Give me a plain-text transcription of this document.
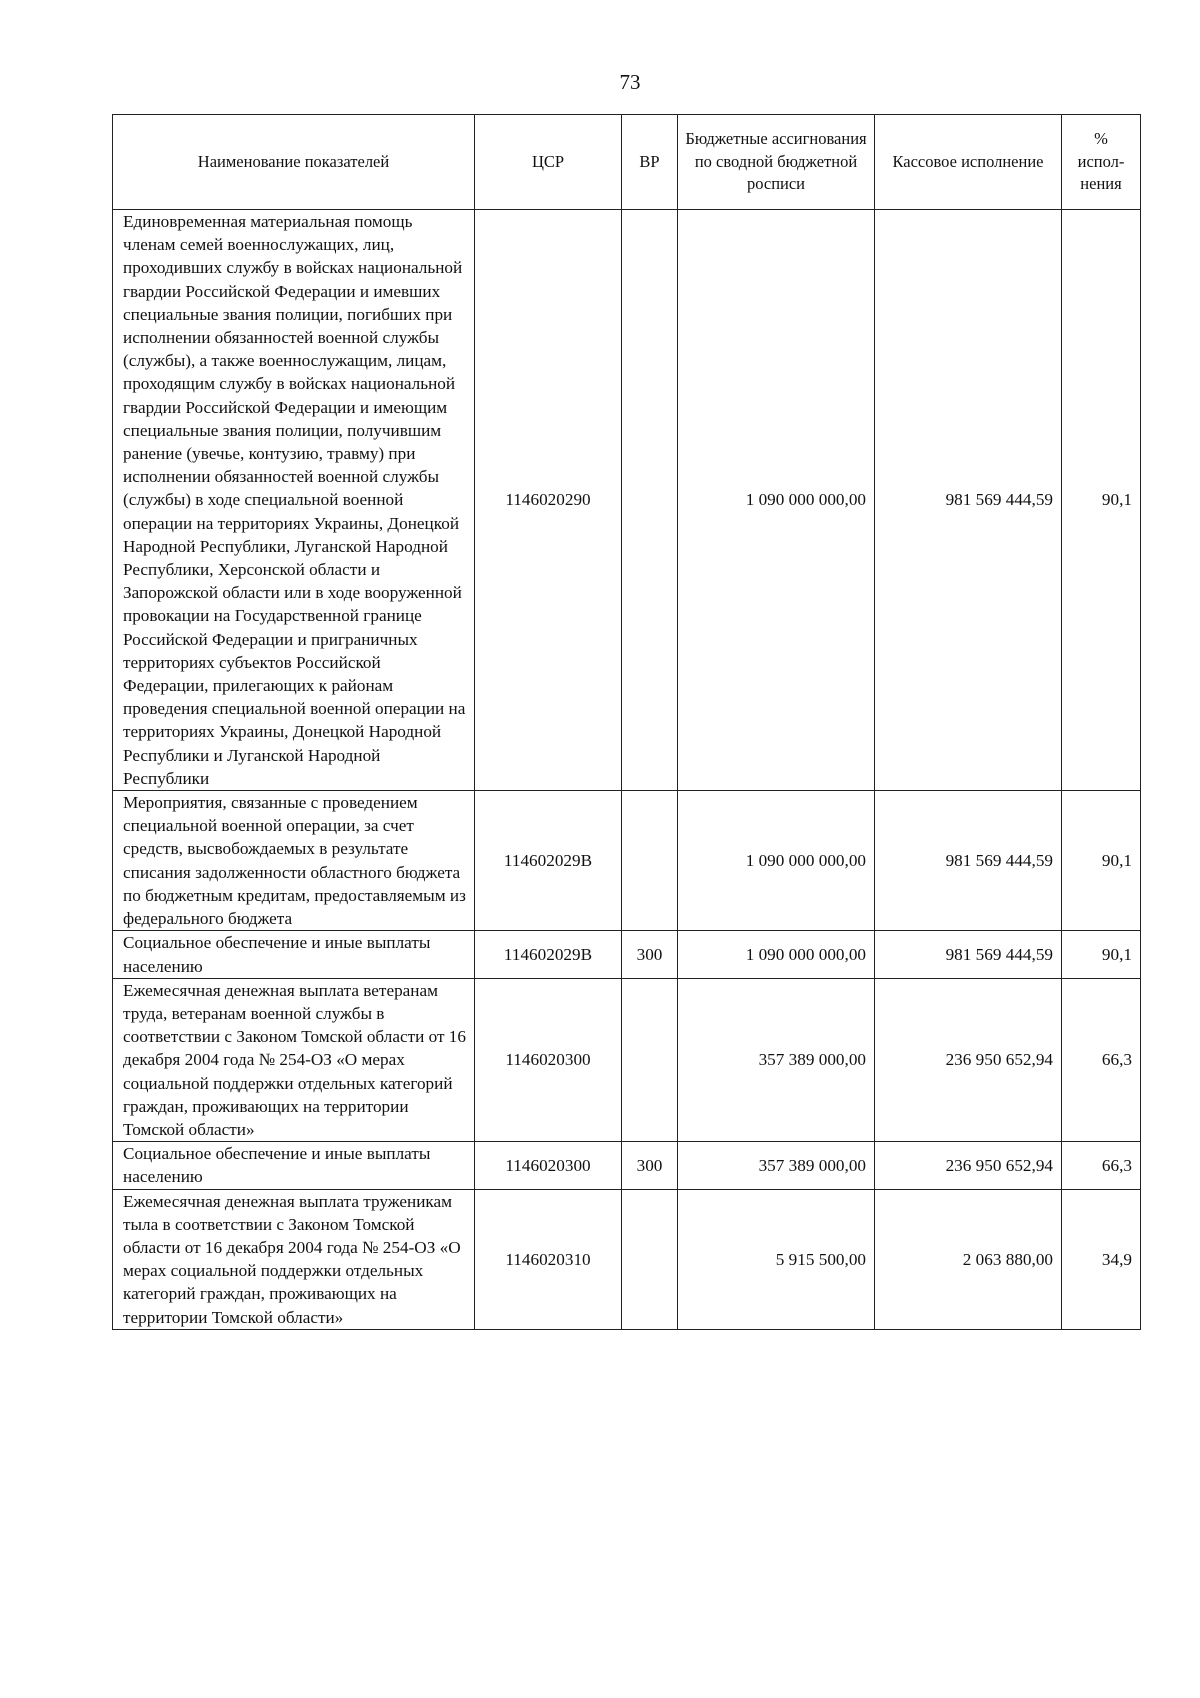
73
Наименование показателей	ЦСР	ВР	Бюджетные ассигнования по сводной бюджетной росписи	Кассовое исполнение	% испол-нения
Единовременная материальная помощь членам семей военнослужащих, лиц, проходивших службу в войсках национальной гвардии Российской Федерации и имевших специальные звания полиции, погибших при исполнении обязанностей военной службы (службы), а также военнослужащим, лицам, проходящим службу в войсках национальной гвардии Российской Федерации и имеющим специальные звания полиции, получившим ранение (увечье, контузию, травму) при исполнении обязанностей военной службы (службы) в ходе специальной военной операции на территориях Украины, Донецкой Народной Республики, Луганской Народной Республики, Херсонской области и Запорожской области или в ходе вооруженной провокации на Государственной границе Российской Федерации и приграничных территориях субъектов Российской Федерации, прилегающих к районам проведения специальной военной операции на территориях Украины, Донецкой Народной Республики и Луганской Народной Республики	1146020290		1 090 000 000,00	981 569 444,59	90,1
Мероприятия, связанные с проведением специальной военной операции, за счет средств, высвобождаемых в результате списания задолженности областного бюджета по бюджетным кредитам, предоставляемым из федерального бюджета	114602029В		1 090 000 000,00	981 569 444,59	90,1
Социальное обеспечение и иные выплаты населению	114602029В	300	1 090 000 000,00	981 569 444,59	90,1
Ежемесячная денежная выплата ветеранам труда, ветеранам военной службы в соответствии с Законом Томской области от 16 декабря 2004 года № 254-ОЗ «О мерах социальной поддержки отдельных категорий граждан, проживающих на территории Томской области»	1146020300		357 389 000,00	236 950 652,94	66,3
Социальное обеспечение и иные выплаты населению	1146020300	300	357 389 000,00	236 950 652,94	66,3
Ежемесячная денежная выплата труженикам тыла в соответствии с Законом Томской области от 16 декабря 2004 года № 254-ОЗ «О мерах социальной поддержки отдельных категорий граждан, проживающих на территории Томской области»	1146020310		5 915 500,00	2 063 880,00	34,9
